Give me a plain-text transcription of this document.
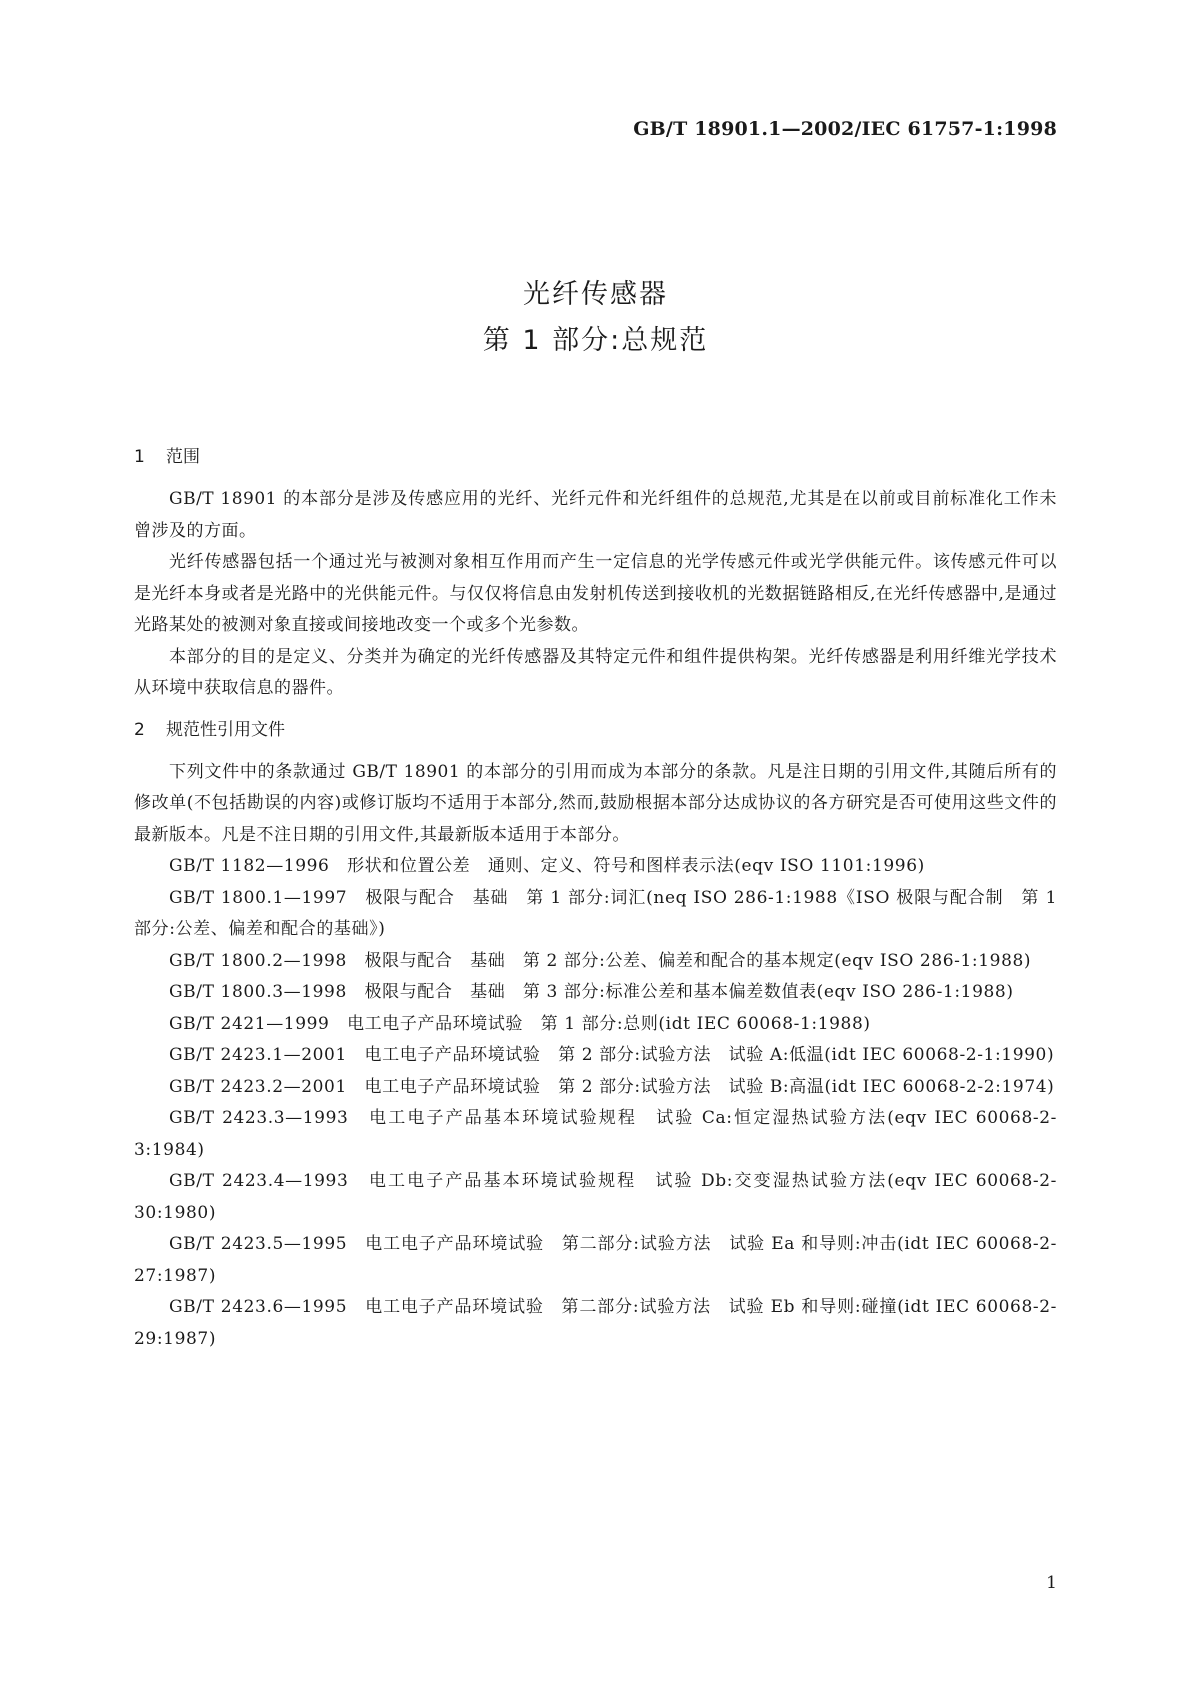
GB/T 18901.1—2002/IEC 61757-1:1998
光纤传感器
第 1 部分:总规范
1 范围

GB/T 18901 的本部分是涉及传感应用的光纤、光纤元件和光纤组件的总规范,尤其是在以前或目前标准化工作未曾涉及的方面。

光纤传感器包括一个通过光与被测对象相互作用而产生一定信息的光学传感元件或光学供能元件。该传感元件可以是光纤本身或者是光路中的光供能元件。与仅仅将信息由发射机传送到接收机的光数据链路相反,在光纤传感器中,是通过光路某处的被测对象直接或间接地改变一个或多个光参数。

本部分的目的是定义、分类并为确定的光纤传感器及其特定元件和组件提供构架。光纤传感器是利用纤维光学技术从环境中获取信息的器件。

2 规范性引用文件

下列文件中的条款通过 GB/T 18901 的本部分的引用而成为本部分的条款。凡是注日期的引用文件,其随后所有的修改单(不包括勘误的内容)或修订版均不适用于本部分,然而,鼓励根据本部分达成协议的各方研究是否可使用这些文件的最新版本。凡是不注日期的引用文件,其最新版本适用于本部分。

GB/T 1182—1996　形状和位置公差　通则、定义、符号和图样表示法(eqv ISO 1101:1996)

GB/T 1800.1—1997　极限与配合　基础　第 1 部分:词汇(neq ISO 286-1:1988《ISO 极限与配合制　第 1 部分:公差、偏差和配合的基础》)

GB/T 1800.2—1998　极限与配合　基础　第 2 部分:公差、偏差和配合的基本规定(eqv ISO 286-1:1988)

GB/T 1800.3—1998　极限与配合　基础　第 3 部分:标准公差和基本偏差数值表(eqv ISO 286-1:1988)

GB/T 2421—1999　电工电子产品环境试验　第 1 部分:总则(idt IEC 60068-1:1988)

GB/T 2423.1—2001　电工电子产品环境试验　第 2 部分:试验方法　试验 A:低温(idt IEC 60068-2-1:1990)

GB/T 2423.2—2001　电工电子产品环境试验　第 2 部分:试验方法　试验 B:高温(idt IEC 60068-2-2:1974)

GB/T 2423.3—1993　电工电子产品基本环境试验规程　试验 Ca:恒定湿热试验方法(eqv IEC 60068-2-3:1984)

GB/T 2423.4—1993　电工电子产品基本环境试验规程　试验 Db:交变湿热试验方法(eqv IEC 60068-2-30:1980)

GB/T 2423.5—1995　电工电子产品环境试验　第二部分:试验方法　试验 Ea 和导则:冲击(idt IEC 60068-2-27:1987)

GB/T 2423.6—1995　电工电子产品环境试验　第二部分:试验方法　试验 Eb 和导则:碰撞(idt IEC 60068-2-29:1987)

1
